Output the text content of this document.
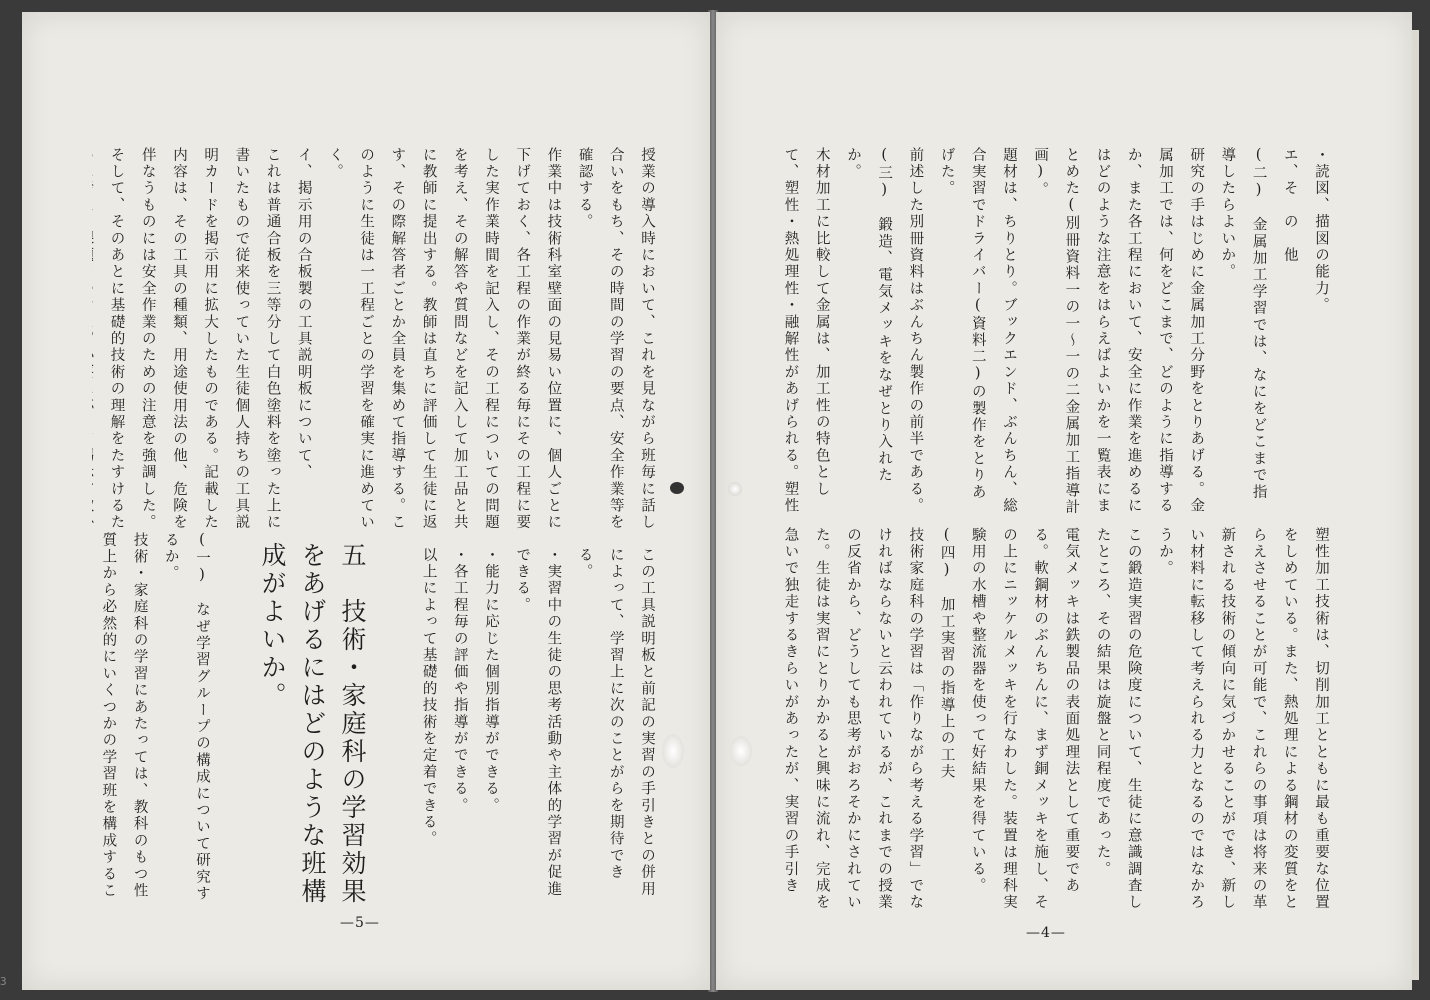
授業の導入時において、これを見ながら班毎に話し合いをもち、その時間の学習の要点、安全作業等を確認する。
作業中は技術科室壁面の見易い位置に、個人ごとに下げておく、各工程の作業が終る毎にその工程に要した実作業時間を記入し、その工程についての問題を考え、その解答や質問などを記入して加工品と共に教師に提出する。教師は直ちに評価して生徒に返す、その際解答者ごとか全員を集めて指導する。このように生徒は一工程ごとの学習を確実に進めていく。
イ、掲示用の合板製の工具説明板について、
これは普通合板を三等分して白色塗料を塗った上に書いたもので従来使っていた生徒個人持ちの工具説明カードを掲示用に拡大したものである。記載した内容は、その工具の種類、用途使用法の他、危険を伴なうものには安全作業のための注意を強調した。
そして、そのあとに基礎的技術の理解をたすけるた
この工具説明板と前記の実習の手引きとの併用によって、学習上に次のことがらを期待できる。
・実習中の生徒の思考活動や主体的学習が促進できる。
・能力に応じた個別指導ができる。
・各工程毎の評価や指導ができる。
以上によって基礎的技術を定着できる。

五　技術・家庭科の学習効果をあげるにはどのような班構成がよいか。
(一)　なぜ学習グループの構成について研究するか。
技術・家庭科の学習にあたっては、教科のもつ性質上から必然的にいくつかの学習班を構成するこ
—5—
・読図、描図の能力。
エ、そ　の　他
(二)　金属加工学習では、なにをどこまで指導したらよいか。
研究の手はじめに金属加工分野をとりあげる。金属加工では、何をどこまで、どのように指導するか、また各工程において、安全に作業を進めるにはどのような注意をはらえばよいかを一覧表にまとめた(別冊資料一の一〜一の二金属加工指導計画)。
題材は、ちりとり。ブックエンド、ぶんちん、総合実習でドライバー(資料二)の製作をとりあげた。
前述した別冊資料はぶんちん製作の前半である。
(三)　鍛造、電気メッキをなぜとり入れたか。
木材加工に比較して金属は、加工性の特色として、塑性・熱処理性・融解性があげられる。塑性
塑性加工技術は、切削加工とともに最も重要な位置をしめている。また、熱処理による鋼材の変質をとらえさせることが可能で、これらの事項は将来の革新される技術の傾向に気づかせることができ、新しい材料に転移して考えられる力となるのではなかろうか。
この鍛造実習の危険度について、生徒に意識調査したところ、その結果は旋盤と同程度であった。
電気メッキは鉄製品の表面処理法として重要である。軟鋼材のぶんちんに、まず銅メッキを施し、その上にニッケルメッキを行なわした。装置は理科実験用の水槽や整流器を使って好結果を得ている。
(四)　加工実習の指導上の工夫
技術家庭科の学習は「作りながら考える学習」でなければならないと云われているが、これまでの授業の反省から、どうしても思考がおろそかにされていた。生徒は実習にとりかかると興味に流れ、完成を急いで独走するきらいがあったが、実習の手引き

—4—
3
